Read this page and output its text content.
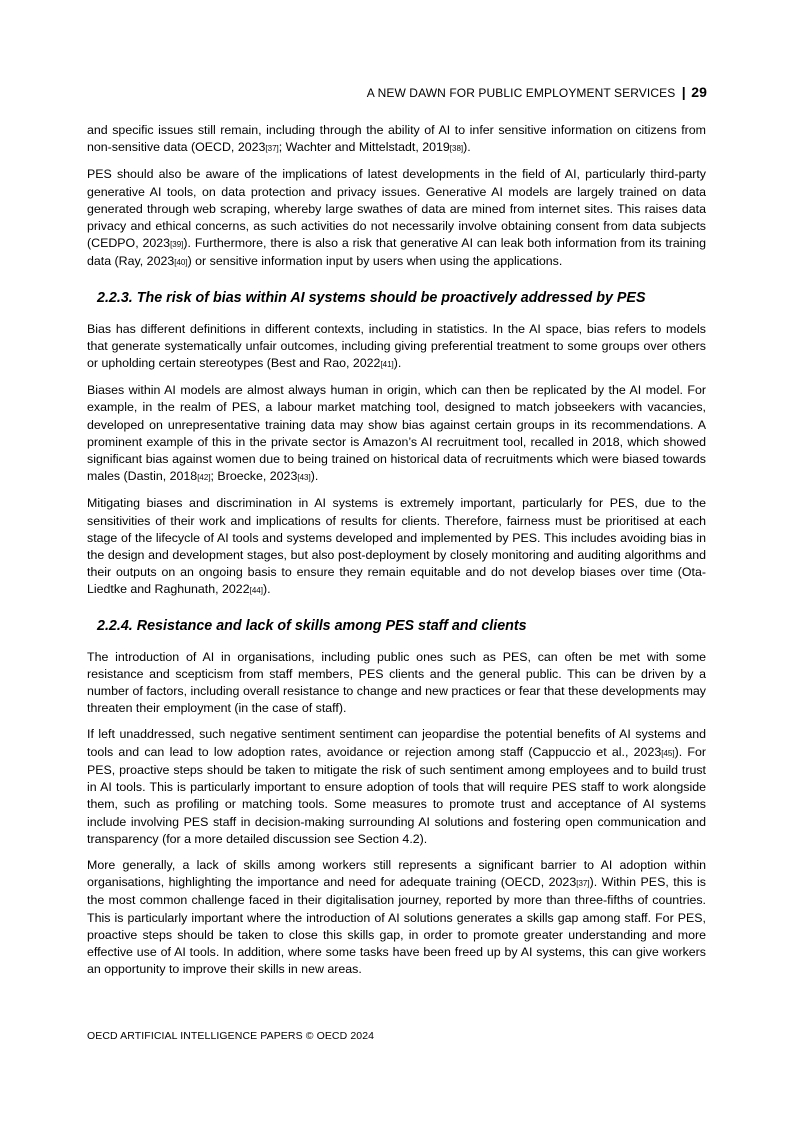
A NEW DAWN FOR PUBLIC EMPLOYMENT SERVICES | 29

and specific issues still remain, including through the ability of AI to infer sensitive information on citizens from non-sensitive data (OECD, 2023[37]; Wachter and Mittelstadt, 2019[38]).

PES should also be aware of the implications of latest developments in the field of AI, particularly third-party generative AI tools, on data protection and privacy issues. Generative AI models are largely trained on data generated through web scraping, whereby large swathes of data are mined from internet sites. This raises data privacy and ethical concerns, as such activities do not necessarily involve obtaining consent from data subjects (CEDPO, 2023[39]). Furthermore, there is also a risk that generative AI can leak both information from its training data (Ray, 2023[40]) or sensitive information input by users when using the applications.

2.2.3. The risk of bias within AI systems should be proactively addressed by PES

Bias has different definitions in different contexts, including in statistics. In the AI space, bias refers to models that generate systematically unfair outcomes, including giving preferential treatment to some groups over others or upholding certain stereotypes (Best and Rao, 2022[41]).

Biases within AI models are almost always human in origin, which can then be replicated by the AI model. For example, in the realm of PES, a labour market matching tool, designed to match jobseekers with vacancies, developed on unrepresentative training data may show bias against certain groups in its recommendations. A prominent example of this in the private sector is Amazon’s AI recruitment tool, recalled in 2018, which showed significant bias against women due to being trained on historical data of recruitments which were biased towards males (Dastin, 2018[42]; Broecke, 2023[43]).

Mitigating biases and discrimination in AI systems is extremely important, particularly for PES, due to the sensitivities of their work and implications of results for clients. Therefore, fairness must be prioritised at each stage of the lifecycle of AI tools and systems developed and implemented by PES. This includes avoiding bias in the design and development stages, but also post-deployment by closely monitoring and auditing algorithms and their outputs on an ongoing basis to ensure they remain equitable and do not develop biases over time (Ota-Liedtke and Raghunath, 2022[44]).

2.2.4. Resistance and lack of skills among PES staff and clients

The introduction of AI in organisations, including public ones such as PES, can often be met with some resistance and scepticism from staff members, PES clients and the general public. This can be driven by a number of factors, including overall resistance to change and new practices or fear that these developments may threaten their employment (in the case of staff).

If left unaddressed, such negative sentiment sentiment can jeopardise the potential benefits of AI systems and tools and can lead to low adoption rates, avoidance or rejection among staff (Cappuccio et al., 2023[45]). For PES, proactive steps should be taken to mitigate the risk of such sentiment among employees and to build trust in AI tools. This is particularly important to ensure adoption of tools that will require PES staff to work alongside them, such as profiling or matching tools. Some measures to promote trust and acceptance of AI systems include involving PES staff in decision-making surrounding AI solutions and fostering open communication and transparency (for a more detailed discussion see Section 4.2).

More generally, a lack of skills among workers still represents a significant barrier to AI adoption within organisations, highlighting the importance and need for adequate training (OECD, 2023[37]). Within PES, this is the most common challenge faced in their digitalisation journey, reported by more than three-fifths of countries. This is particularly important where the introduction of AI solutions generates a skills gap among staff. For PES, proactive steps should be taken to close this skills gap, in order to promote greater understanding and more effective use of AI tools. In addition, where some tasks have been freed up by AI systems, this can give workers an opportunity to improve their skills in new areas.

OECD ARTIFICIAL INTELLIGENCE PAPERS © OECD 2024
